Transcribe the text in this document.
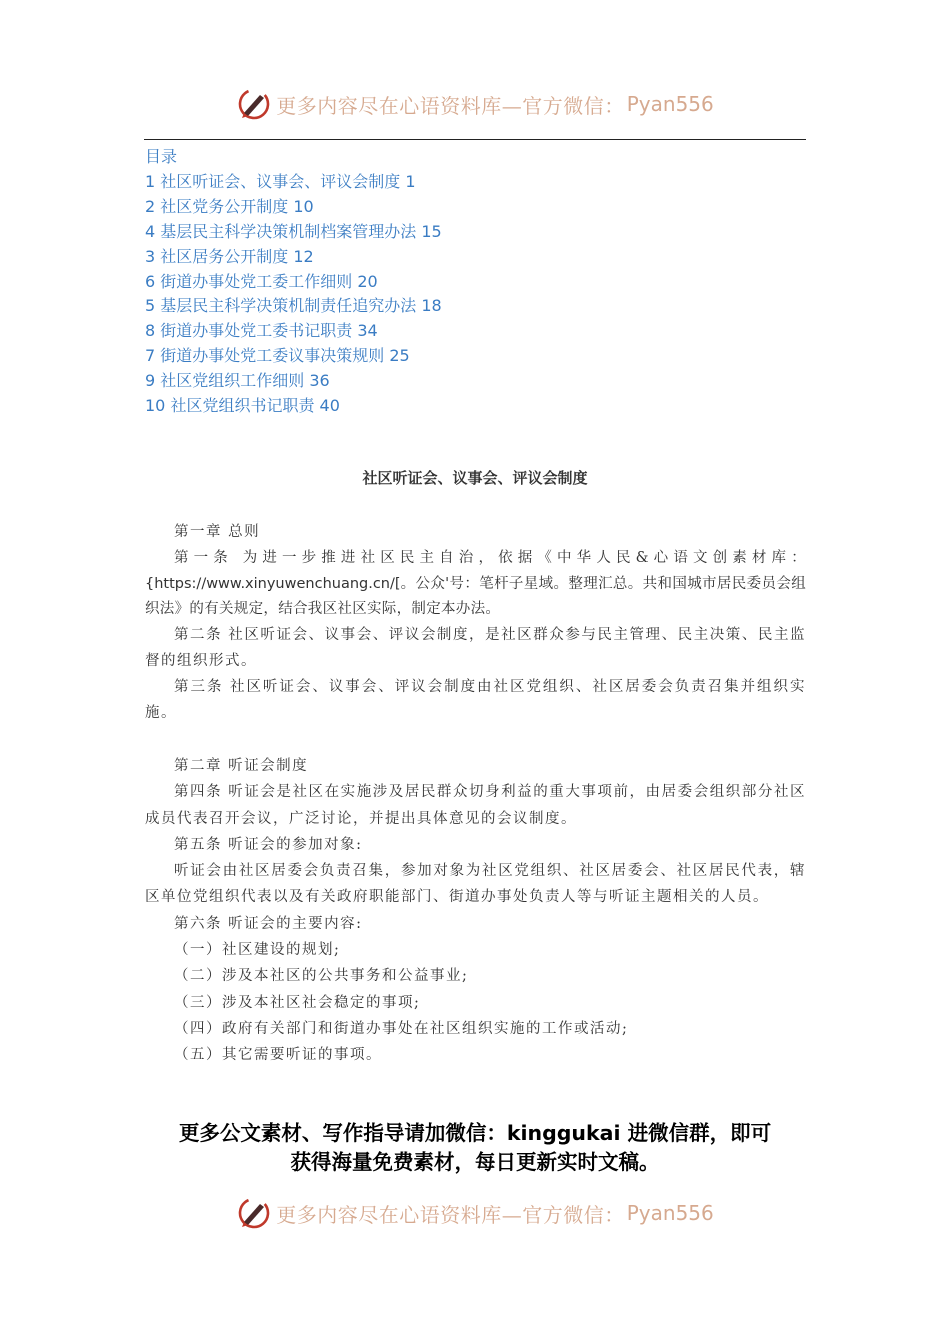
更多内容尽在心语资料库—官方微信： Pyan556
目录
1 社区听证会、议事会、评议会制度 1
2 社区党务公开制度 10
4 基层民主科学决策机制档案管理办法 15
3 社区居务公开制度 12
6 街道办事处党工委工作细则 20
5 基层民主科学决策机制责任追究办法 18
8 街道办事处党工委书记职责 34
7 街道办事处党工委议事决策规则 25
9 社区党组织工作细则 36
10 社区党组织书记职责 40
社区听证会、议事会、评议会制度

第一章 总则

第一条 为进一步推进社区民主自治，依据《中华人民&心语文创素材库：{https://www.xinyuwenchuang.cn/[。公众'号：笔杆子星域。整理汇总。共和国城市居民委员会组织法》的有关规定，结合我区社区实际，制定本办法。

第二条 社区听证会、议事会、评议会制度，是社区群众参与民主管理、民主决策、民主监督的组织形式。

第三条 社区听证会、议事会、评议会制度由社区党组织、社区居委会负责召集并组织实施。

第二章 听证会制度

第四条 听证会是社区在实施涉及居民群众切身利益的重大事项前，由居委会组织部分社区成员代表召开会议，广泛讨论，并提出具体意见的会议制度。

第五条 听证会的参加对象:

听证会由社区居委会负责召集，参加对象为社区党组织、社区居委会、社区居民代表，辖区单位党组织代表以及有关政府职能部门、街道办事处负责人等与听证主题相关的人员。

第六条 听证会的主要内容:

（一）社区建设的规划;

（二）涉及本社区的公共事务和公益事业;

（三）涉及本社区社会稳定的事项;

（四）政府有关部门和街道办事处在社区组织实施的工作或活动;

（五）其它需要听证的事项。

更多公文素材、写作指导请加微信：kinggukai 进微信群，即可
获得海量免费素材，每日更新实时文稿。
更多内容尽在心语资料库—官方微信： Pyan556
